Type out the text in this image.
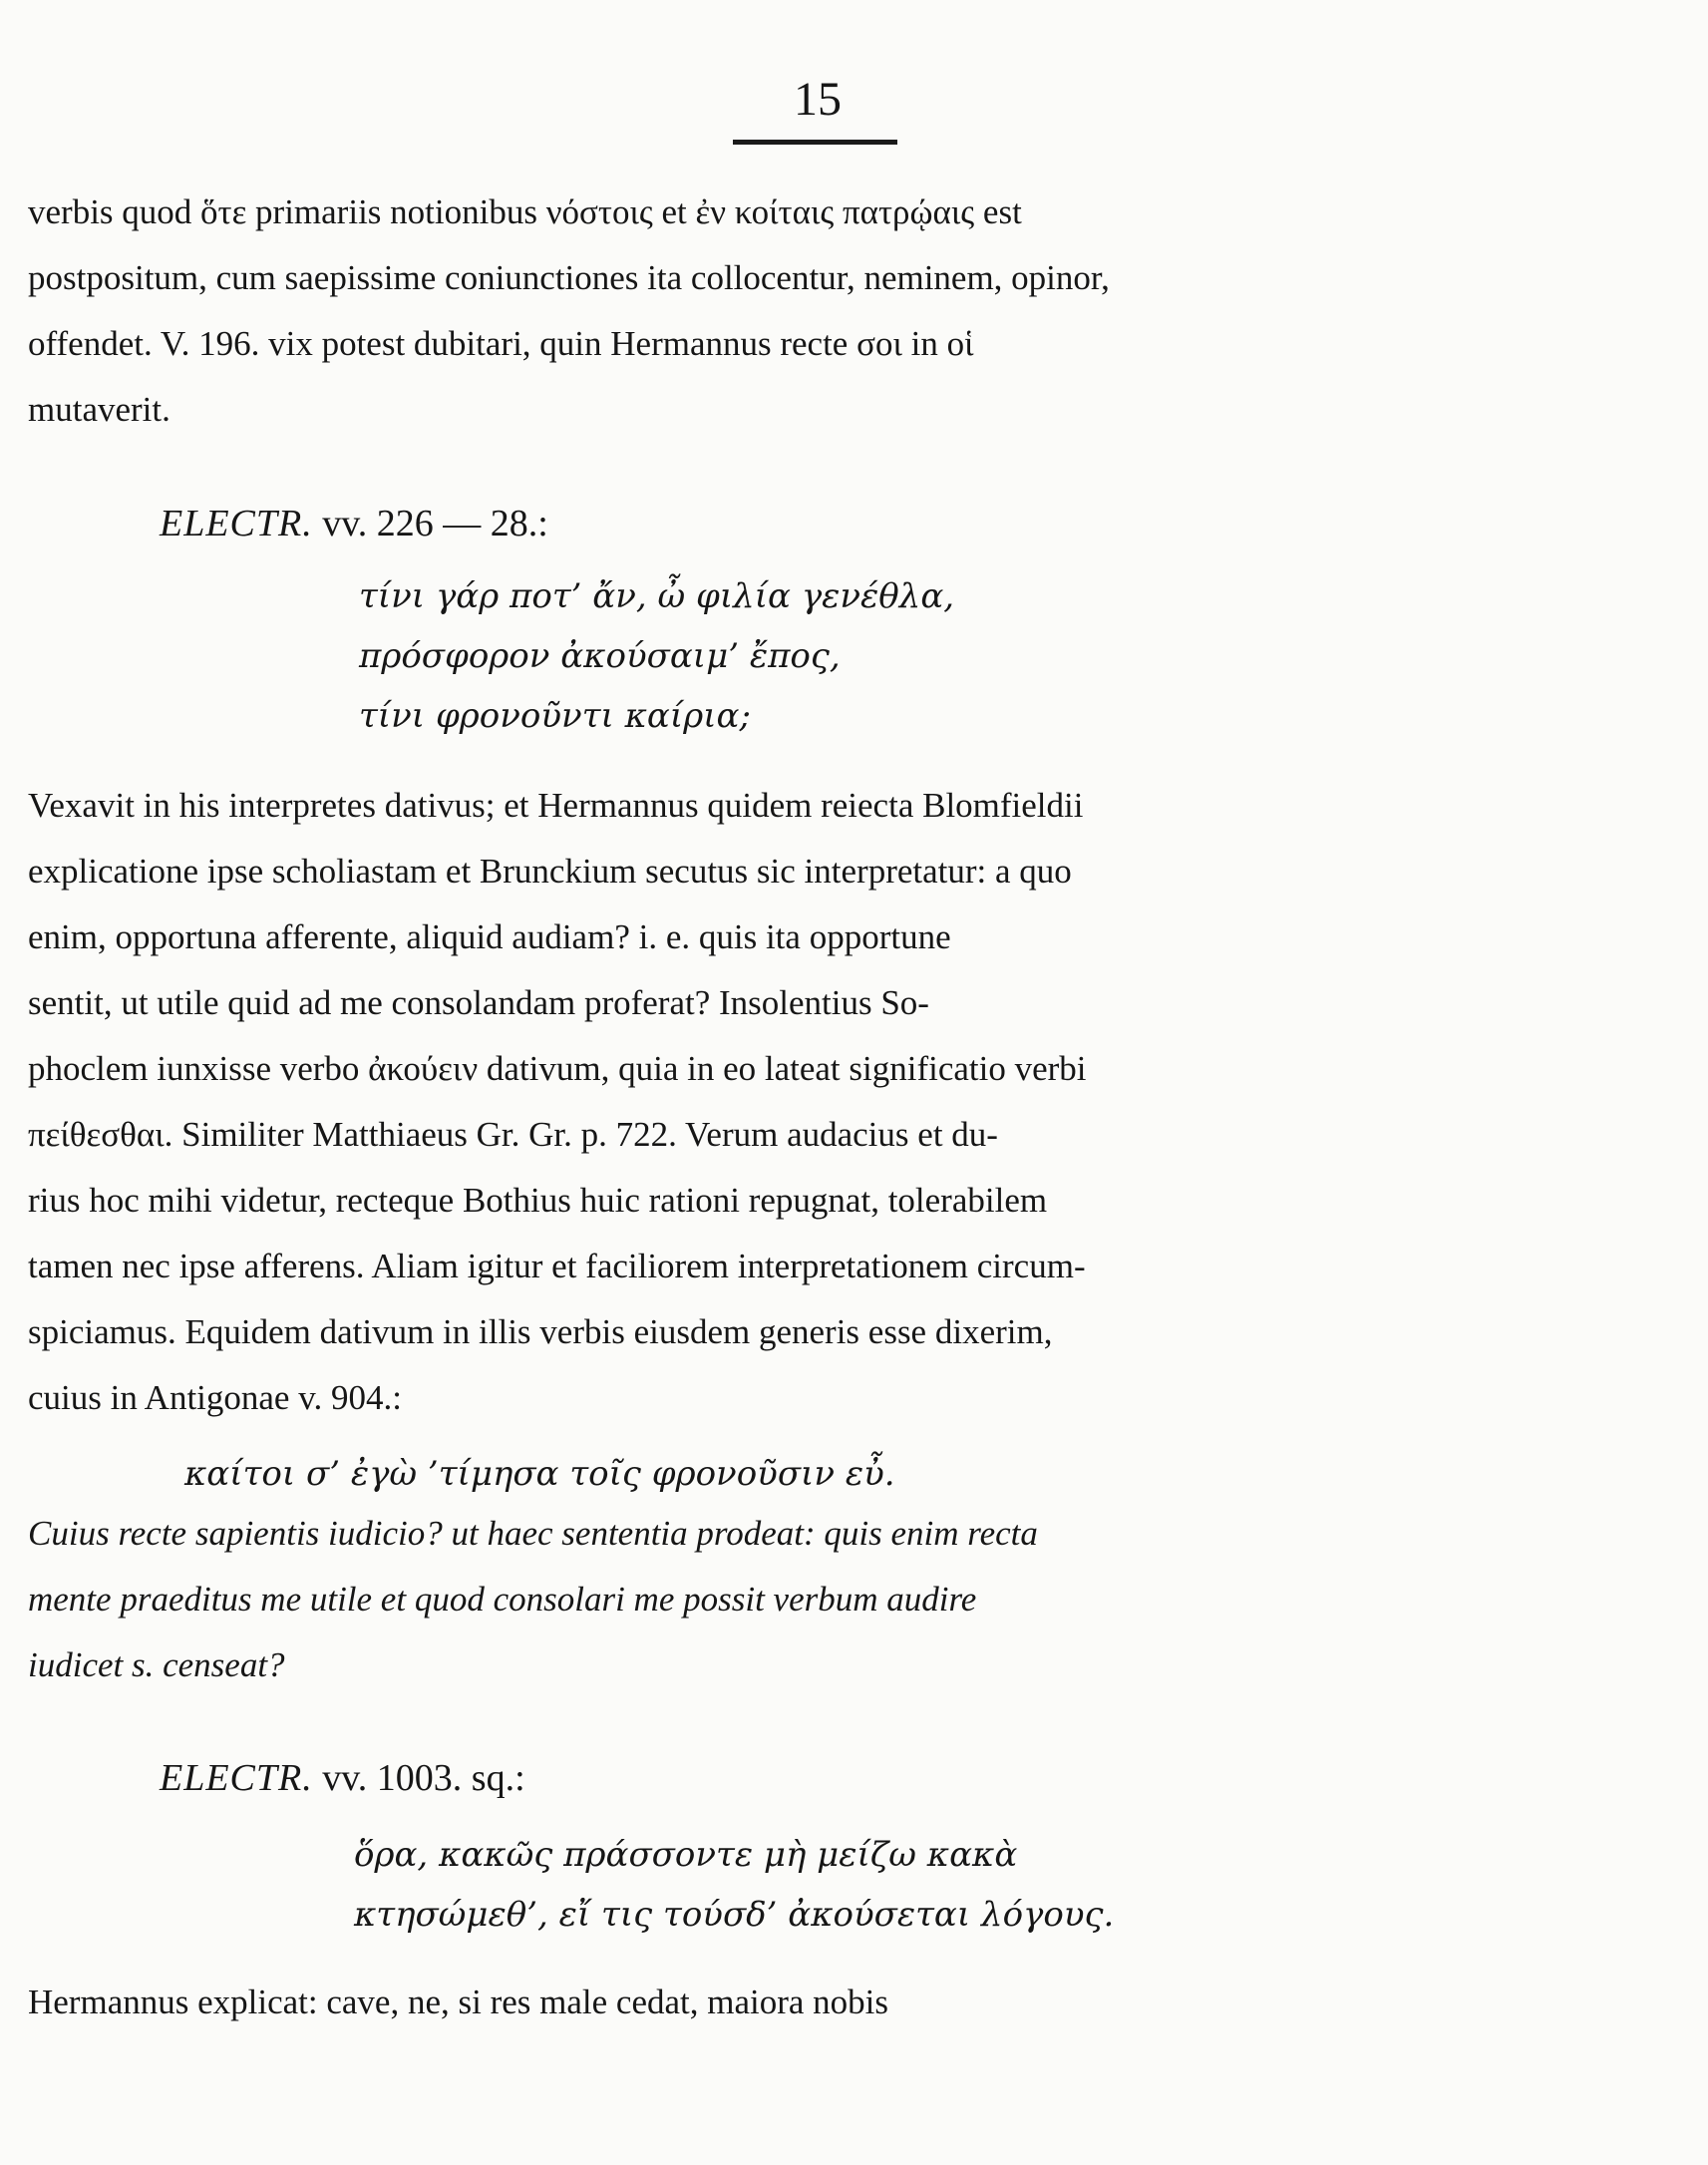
15
verbis quod ὅτε primariis notionibus νόστοις et ἐν κοίταις πατρῴαις est
postpositum, cum saepissime coniunctiones ita collocentur, neminem, opinor,
offendet. V. 196. vix potest dubitari, quin Hermannus recte σοι in οἱ
mutaverit.
ELECTR. vv. 226 — 28.:
τίνι γάρ ποτ’ ἄν, ὦ φιλία γενέθλα,
πρόσφορον ἀκούσαιμ’ ἔπος,
τίνι φρονοῦντι καίρια;
Vexavit in his interpretes dativus; et Hermannus quidem reiecta Blomfieldii
explicatione ipse scholiastam et Brunckium secutus sic interpretatur: a quo
enim, opportuna afferente, aliquid audiam? i. e. quis ita opportune
sentit, ut utile quid ad me consolandam proferat? Insolentius So-
phoclem iunxisse verbo ἀκούειν dativum, quia in eo lateat significatio verbi
πείθεσθαι. Similiter Matthiaeus Gr. Gr. p. 722. Verum audacius et du-
rius hoc mihi videtur, recteque Bothius huic rationi repugnat, tolerabilem
tamen nec ipse afferens. Aliam igitur et faciliorem interpretationem circum-
spiciamus. Equidem dativum in illis verbis eiusdem generis esse dixerim,
cuius in Antigonae v. 904.:
καίτοι σ’ ἐγὼ ’τίμησα τοῖς φρονοῦσιν εὖ.
Cuius recte sapientis iudicio? ut haec sententia prodeat: quis enim recta
mente praeditus me utile et quod consolari me possit verbum audire
iudicet s. censeat?
ELECTR. vv. 1003. sq.:
ὅρα, κακῶς πράσσοντε μὴ μείζω κακὰ
κτησώμεθ’, εἴ τις τούσδ’ ἀκούσεται λόγους.
Hermannus explicat: cave, ne, si res male cedat, maiora nobis
